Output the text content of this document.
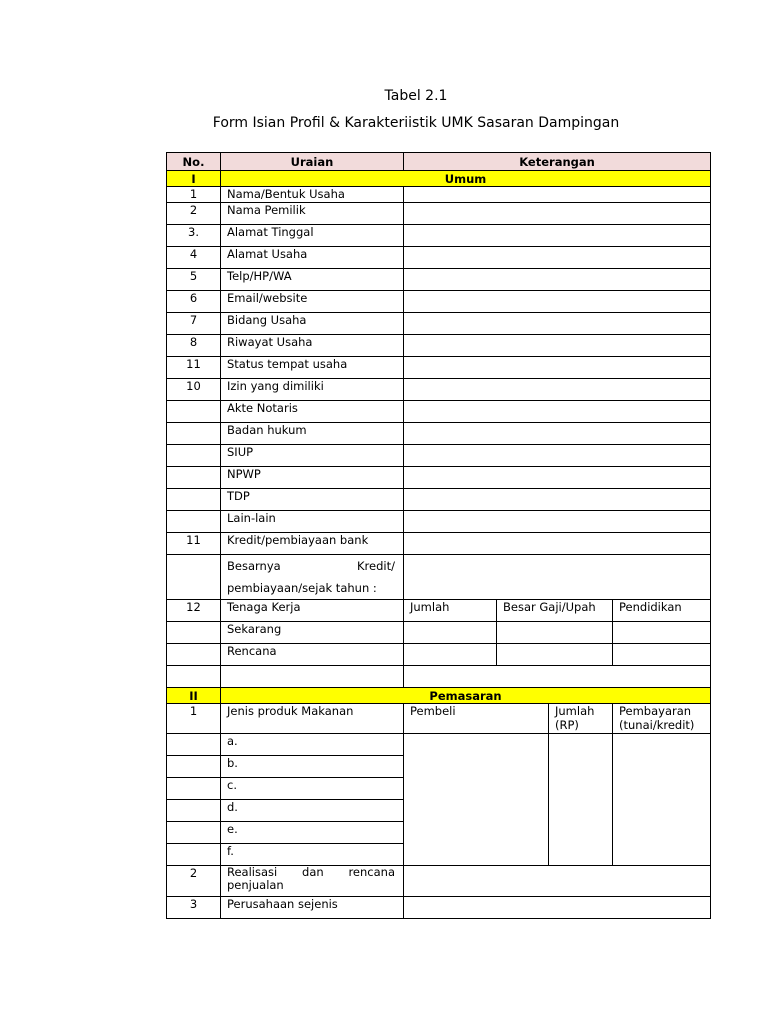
Tabel 2.1
Form Isian Profil & Karakteriistik UMK Sasaran Dampingan
No.	Uraian	Keterangan			
I	Umum				
1	Nama/Bentuk Usaha				
2	Nama Pemilik				
3.	Alamat Tinggal				
4	Alamat Usaha				
5	Telp/HP/WA				
6	Email/website				
7	Bidang Usaha				
8	Riwayat Usaha				
11	Status tempat usaha				
10	Izin yang dimiliki				
	Akte Notaris				
	Badan hukum				
	SIUP				
	NPWP				
	TDP				
	Lain-lain				
11	Kredit/pembiayaan bank				

	Besarnya Kredit/
pembiayaan/sejak tahun :				

12	Tenaga Kerja	Jumlah	Besar Gaji/Upah		Pendidikan
	Sekarang				
	Rencana				

II	Pemasaran				
1	Jenis produk Makanan	Pembeli		Jumlah (RP)	Pembayaran (tunai/kredit)
	a.				
	b.				
	c.				
	d.				
	e.				
	f.				
2	Realisasi dan rencana
penjualan				

3	Perusahaan sejenis				
